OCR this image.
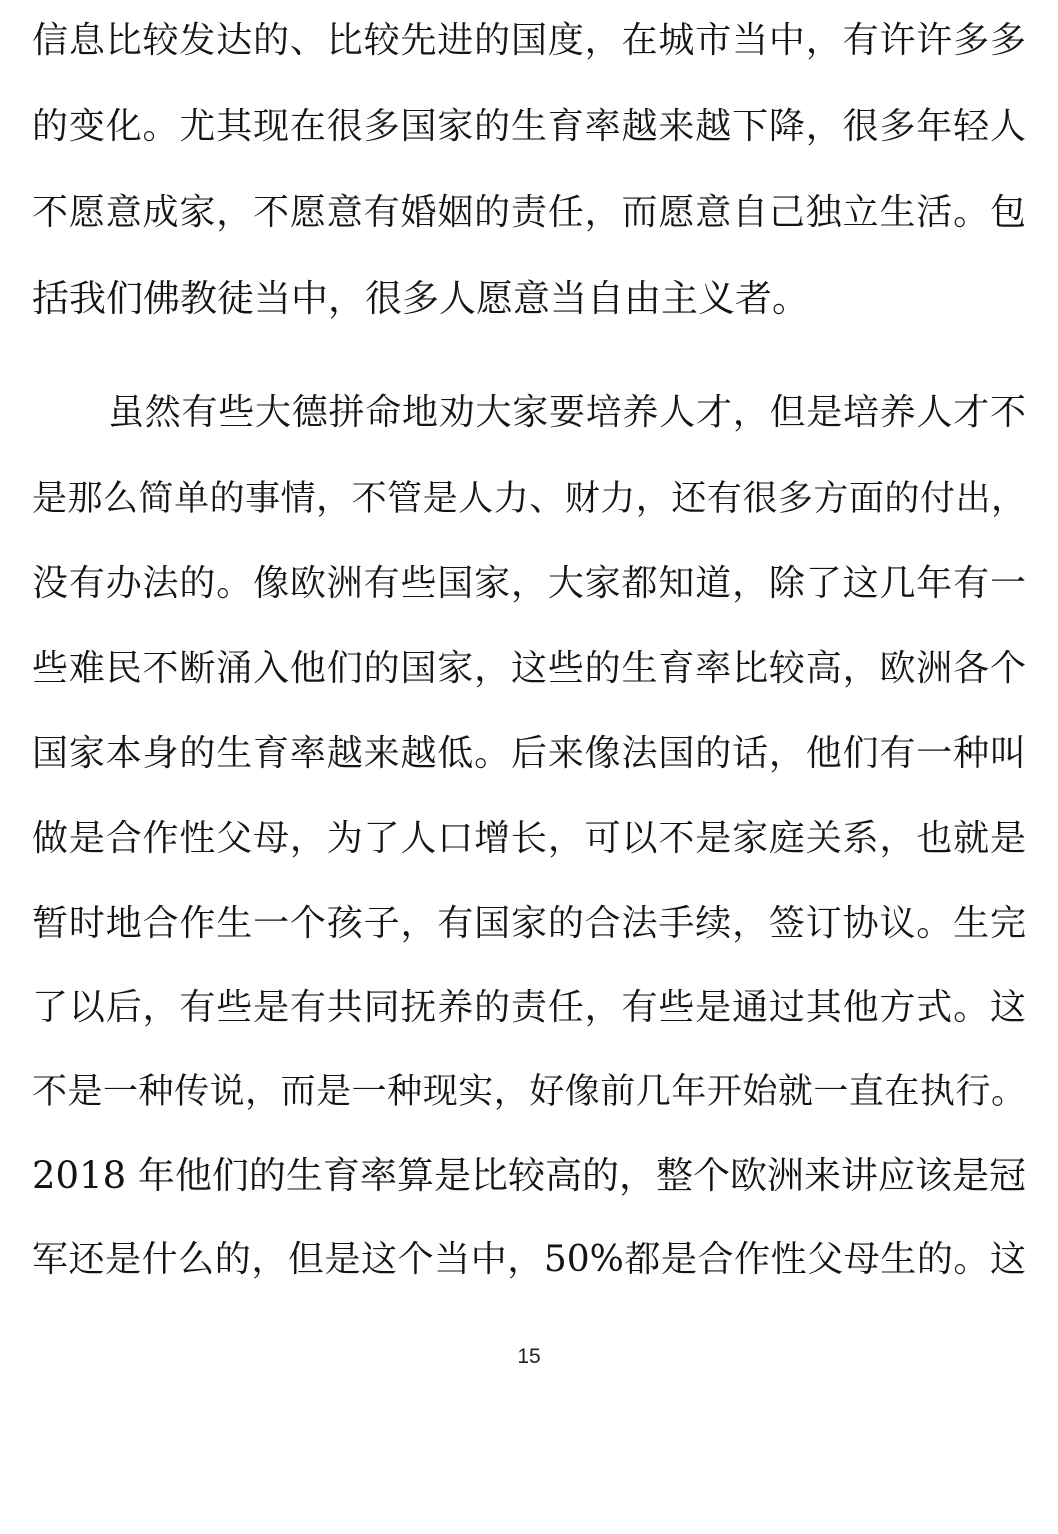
信息比较发达的、比较先进的国度，在城市当中，有许许多多
的变化。尤其现在很多国家的生育率越来越下降，很多年轻人
不愿意成家，不愿意有婚姻的责任，而愿意自己独立生活。包
括我们佛教徒当中，很多人愿意当自由主义者。
虽然有些大德拼命地劝大家要培养人才，但是培养人才不
是那么简单的事情，不管是人力、财力，还有很多方面的付出，
没有办法的。像欧洲有些国家，大家都知道，除了这几年有一
些难民不断涌入他们的国家，这些的生育率比较高，欧洲各个
国家本身的生育率越来越低。后来像法国的话，他们有一种叫
做是合作性父母，为了人口增长，可以不是家庭关系，也就是
暂时地合作生一个孩子，有国家的合法手续，签订协议。生完
了以后，有些是有共同抚养的责任，有些是通过其他方式。这
不是一种传说，而是一种现实，好像前几年开始就一直在执行。
2018 年他们的生育率算是比较高的，整个欧洲来讲应该是冠
军还是什么的，但是这个当中，50%都是合作性父母生的。这
15
